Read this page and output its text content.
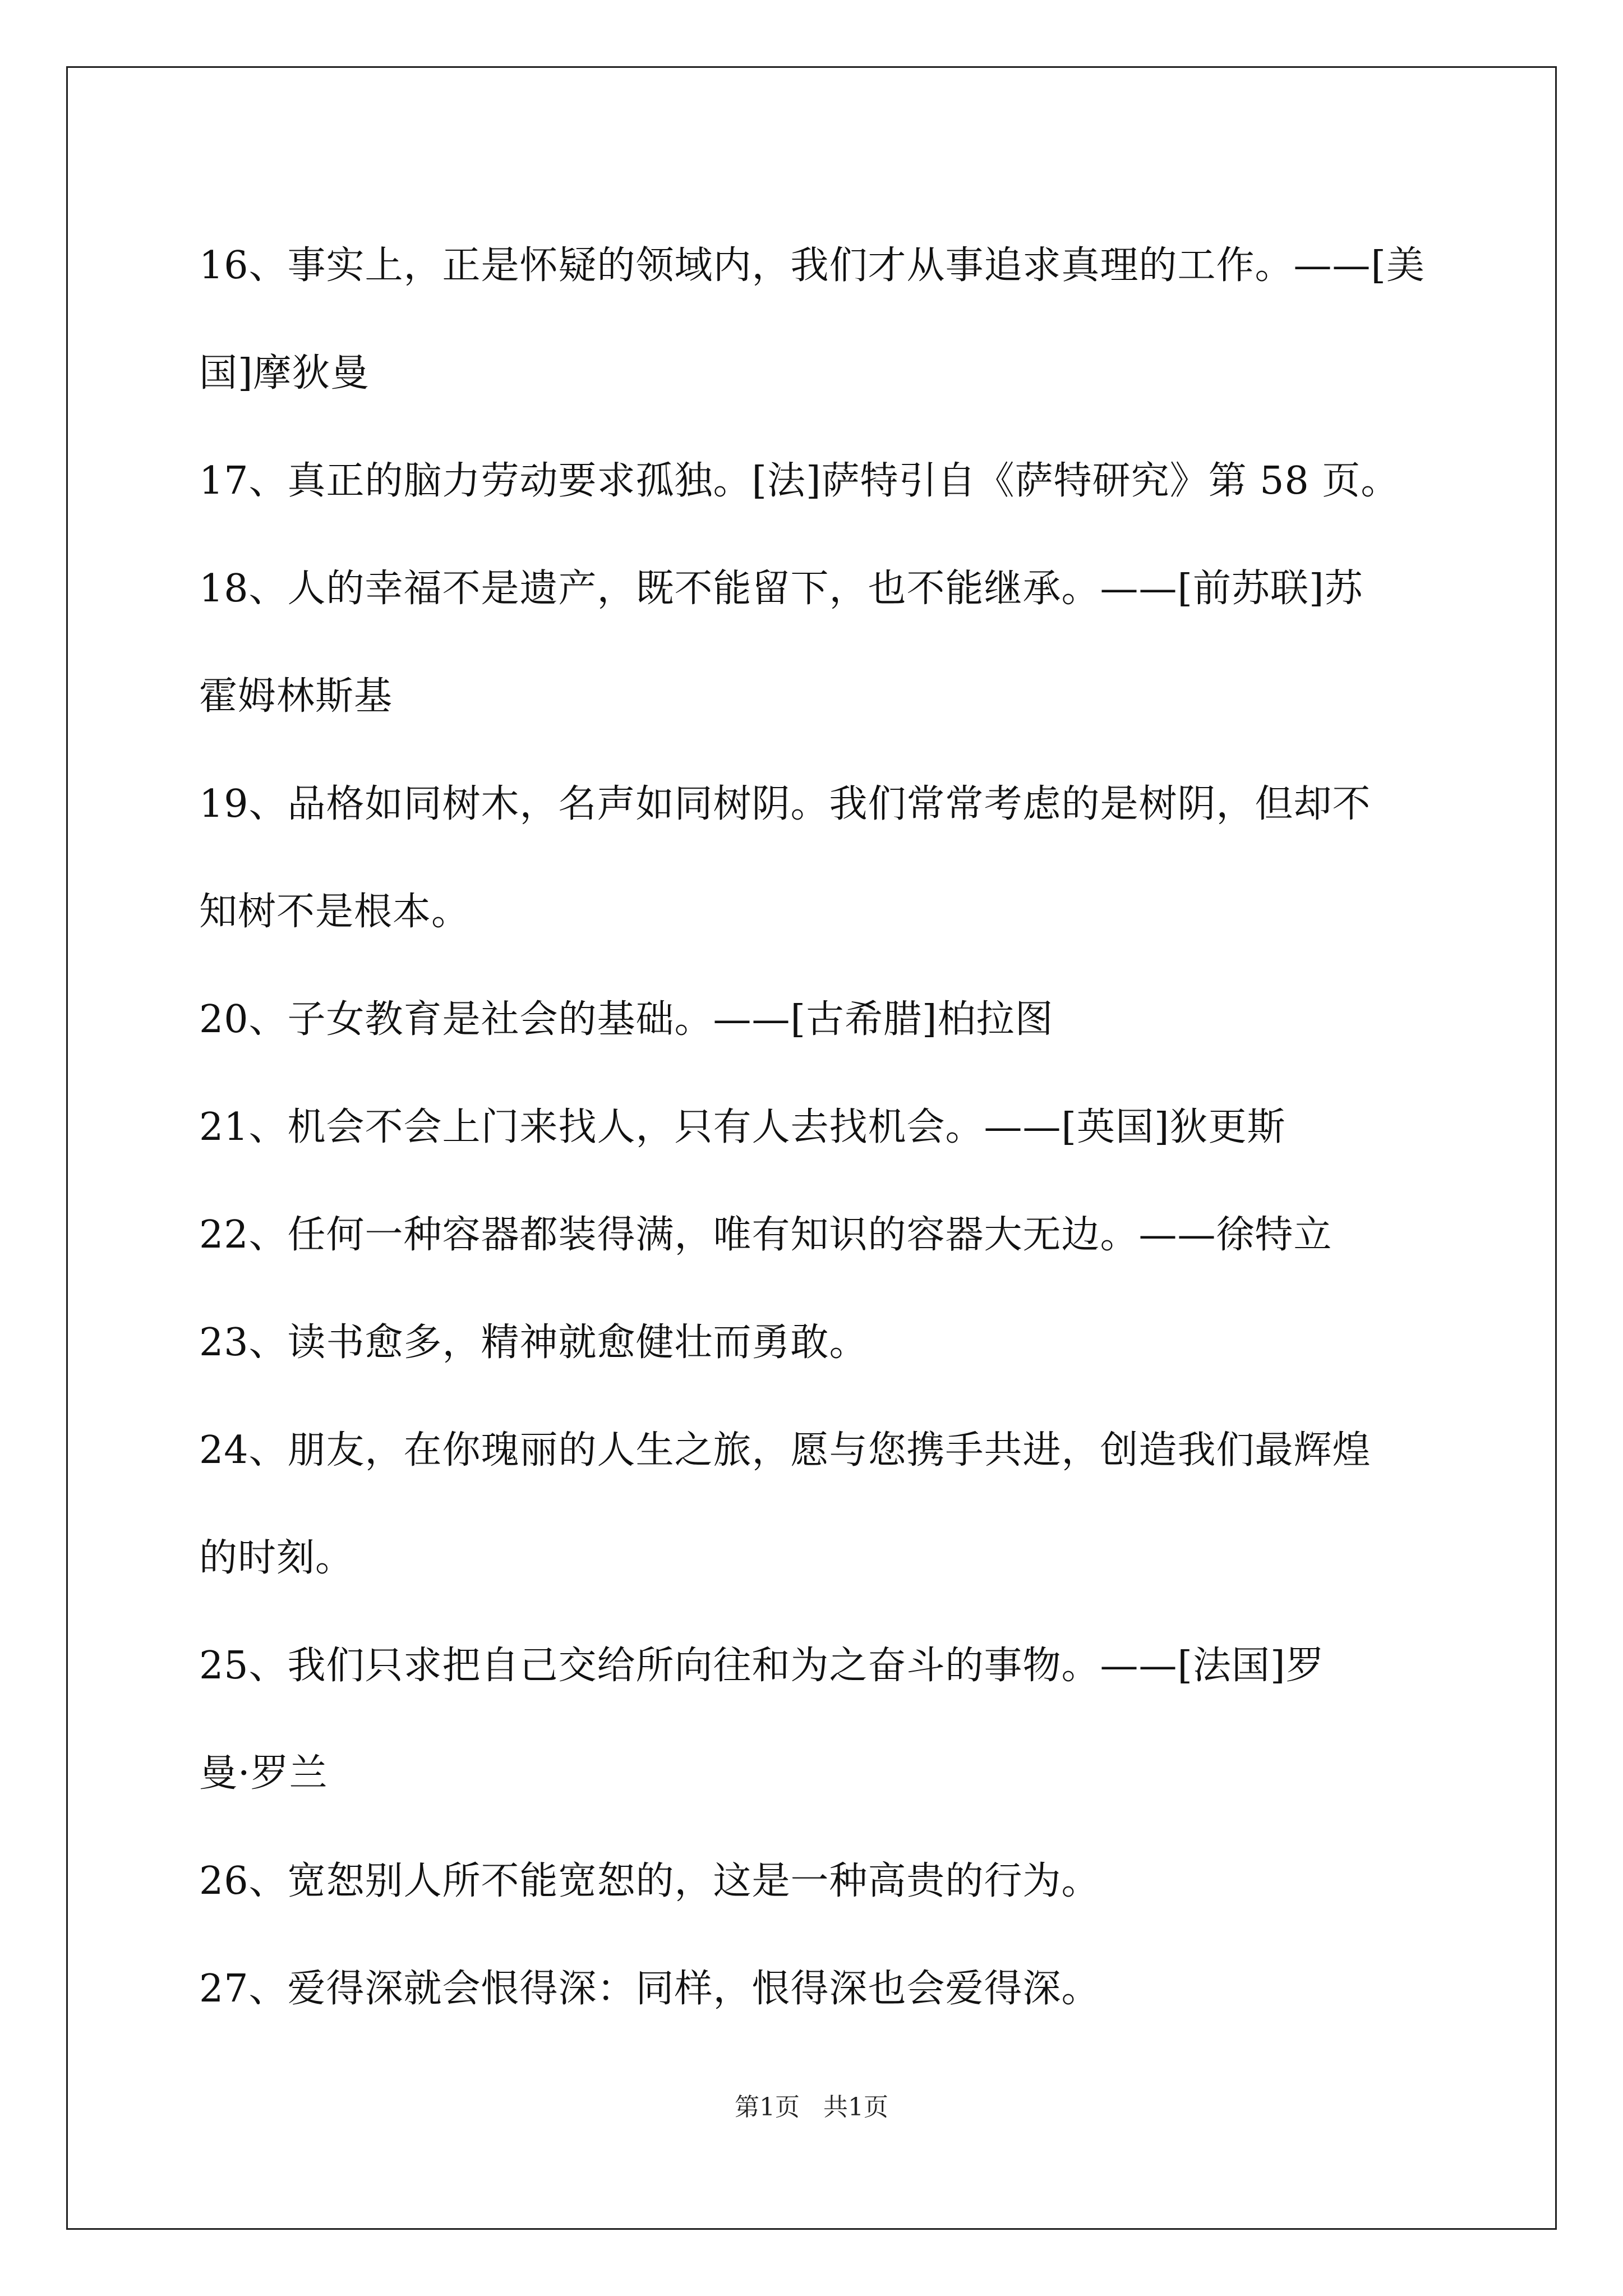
16、事实上，正是怀疑的领域内，我们才从事追求真理的工作。——[美
国]摩狄曼
17、真正的脑力劳动要求孤独。[法]萨特引自《萨特研究》第 58 页。
18、人的幸福不是遗产，既不能留下，也不能继承。——[前苏联]苏
霍姆林斯基
19、品格如同树木，名声如同树阴。我们常常考虑的是树阴，但却不
知树不是根本。
20、子女教育是社会的基础。——[古希腊]柏拉图
21、机会不会上门来找人，只有人去找机会。——[英国]狄更斯
22、任何一种容器都装得满，唯有知识的容器大无边。——徐特立
23、读书愈多，精神就愈健壮而勇敢。
24、朋友，在你瑰丽的人生之旅，愿与您携手共进，创造我们最辉煌
的时刻。
25、我们只求把自己交给所向往和为之奋斗的事物。——[法国]罗
曼·罗兰
26、宽恕别人所不能宽恕的，这是一种高贵的行为。
27、爱得深就会恨得深：同样，恨得深也会爱得深。
第1页   共1页
